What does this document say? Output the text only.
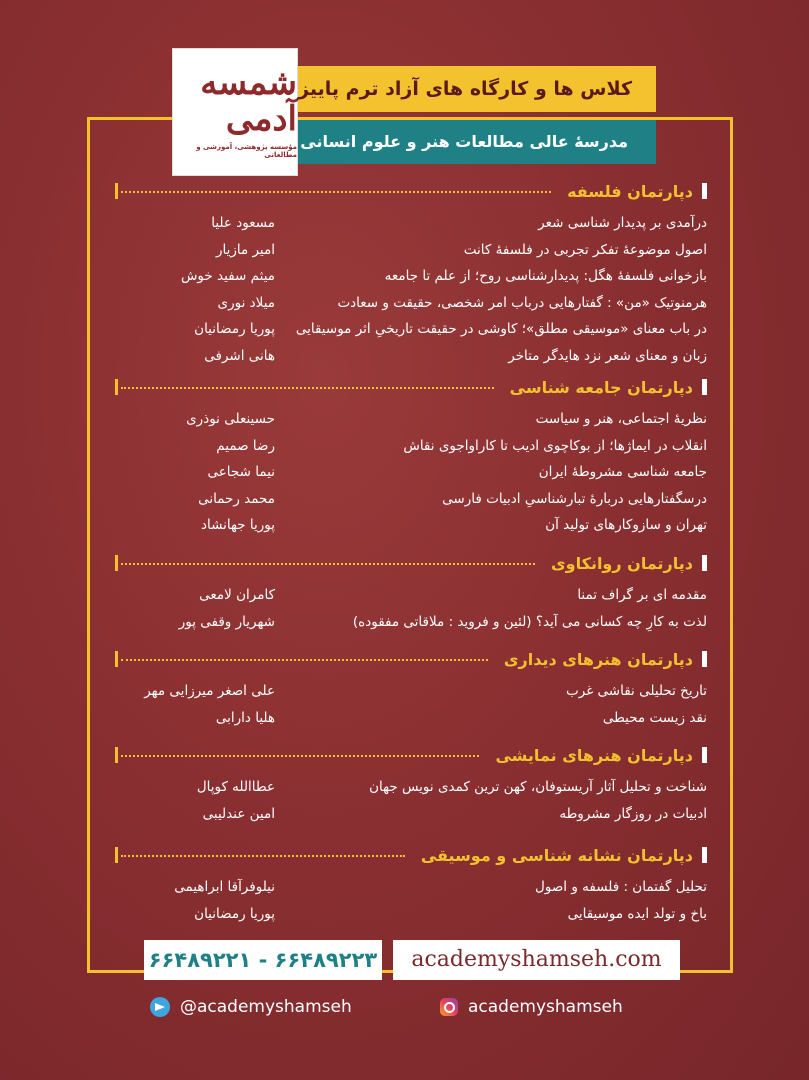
شمسه آدمی
مؤسسه پژوهشی، آموزشی و مطالعاتی
کلاس ها و کارگاه های آزاد ترم پاییز
مدرسهٔ عالی مطالعات هنر و علوم انسانی
دپارتمان فلسفه
درآمدی بر پدیدار شناسی شعر
مسعود علیا
اصول موضوعهٔ تفکر تجربی در فلسفهٔ کانت
امیر مازیار
بازخوانی فلسفهٔ هگل: پدیدارشناسی روح؛ از علم تا جامعه
میثم سفید خوش
هرمنوتیک «من» : گفتارهایی درباب امر شخصی، حقیقت و سعادت
میلاد نوری
در باب معنای «موسیقی مطلق»؛ کاوشی در حقیقت تاریخیِ اثر موسیقایی
پوریا رمضانیان
زبان و معنای شعر نزد هایدگر متاخر
هانی اشرفی
دپارتمان جامعه شناسی
نظریهٔ اجتماعی، هنر و سیاست
حسینعلی نوذری
انقلاب در ایماژها؛ از بوکاچوی ادیب تا کاراواجوی نقاش
رضا صمیم
جامعه شناسی مشروطهٔ ایران
نیما شجاعی
درسگفتارهایی دربارهٔ تبارشناسیِ ادبیات فارسی
محمد رحمانی
تهران و سازوکارهای تولید آن
پوریا جهانشاد
دپارتمان روانکاوی
مقدمه ای بر گراف تمنا
کامران لامعی
لذت به کارِ چه کسانی می آید؟ (لئین و فروید : ملاقاتی مفقوده)
شهریار وقفی پور
دپارتمان هنرهای دیداری
تاریخ تحلیلی نقاشی غرب
علی اصغر میرزایی مهر
نقد زیست محیطی
هلیا دارابی
دپارتمان هنرهای نمایشی
شناخت و تحلیل آثار آریستوفان، کهن ترین کمدی نویس جهان
عطاالله کوپال
ادبیات در روزگار مشروطه
امین عندلیبی
دپارتمان نشانه شناسی و موسیقی
تحلیل گفتمان : فلسفه و اصول
نیلوفرآقا ابراهیمی
باخ و تولد ایده موسیقایی
پوریا رمضانیان
۶۶۴۸۹۲۲۱ - ۶۶۴۸۹۲۲۳	academyshamseh.com
@academyshamseh	academyshamseh
